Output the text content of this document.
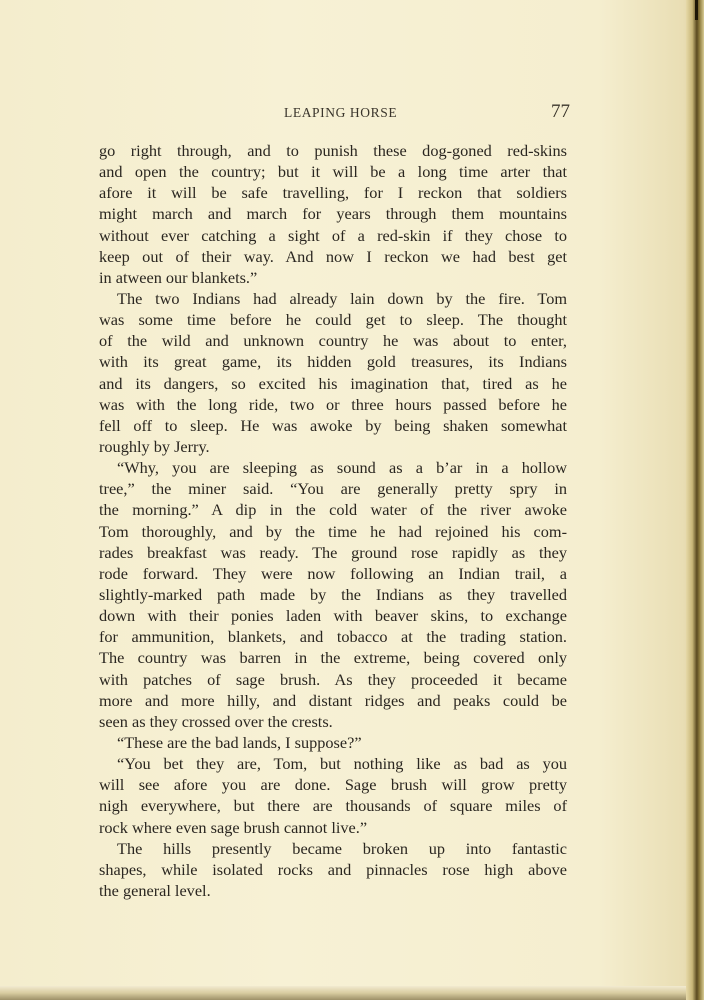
LEAPING HORSE	77
go right through, and to punish these dog-goned red-skins
and open the country; but it will be a long time arter that
afore it will be safe travelling, for I reckon that soldiers
might march and march for years through them mountains
without ever catching a sight of a red-skin if they chose to
keep out of their way. And now I reckon we had best get
in atween our blankets.”
The two Indians had already lain down by the fire. Tom
was some time before he could get to sleep. The thought
of the wild and unknown country he was about to enter,
with its great game, its hidden gold treasures, its Indians
and its dangers, so excited his imagination that, tired as he
was with the long ride, two or three hours passed before he
fell off to sleep. He was awoke by being shaken somewhat
roughly by Jerry.
“Why, you are sleeping as sound as a b’ar in a hollow
tree,” the miner said. “You are generally pretty spry in
the morning.” A dip in the cold water of the river awoke
Tom thoroughly, and by the time he had rejoined his com-
rades breakfast was ready. The ground rose rapidly as they
rode forward. They were now following an Indian trail, a
slightly-marked path made by the Indians as they travelled
down with their ponies laden with beaver skins, to exchange
for ammunition, blankets, and tobacco at the trading station.
The country was barren in the extreme, being covered only
with patches of sage brush. As they proceeded it became
more and more hilly, and distant ridges and peaks could be
seen as they crossed over the crests.
“These are the bad lands, I suppose?”
“You bet they are, Tom, but nothing like as bad as you
will see afore you are done. Sage brush will grow pretty
nigh everywhere, but there are thousands of square miles of
rock where even sage brush cannot live.”
The hills presently became broken up into fantastic
shapes, while isolated rocks and pinnacles rose high above
the general level.
